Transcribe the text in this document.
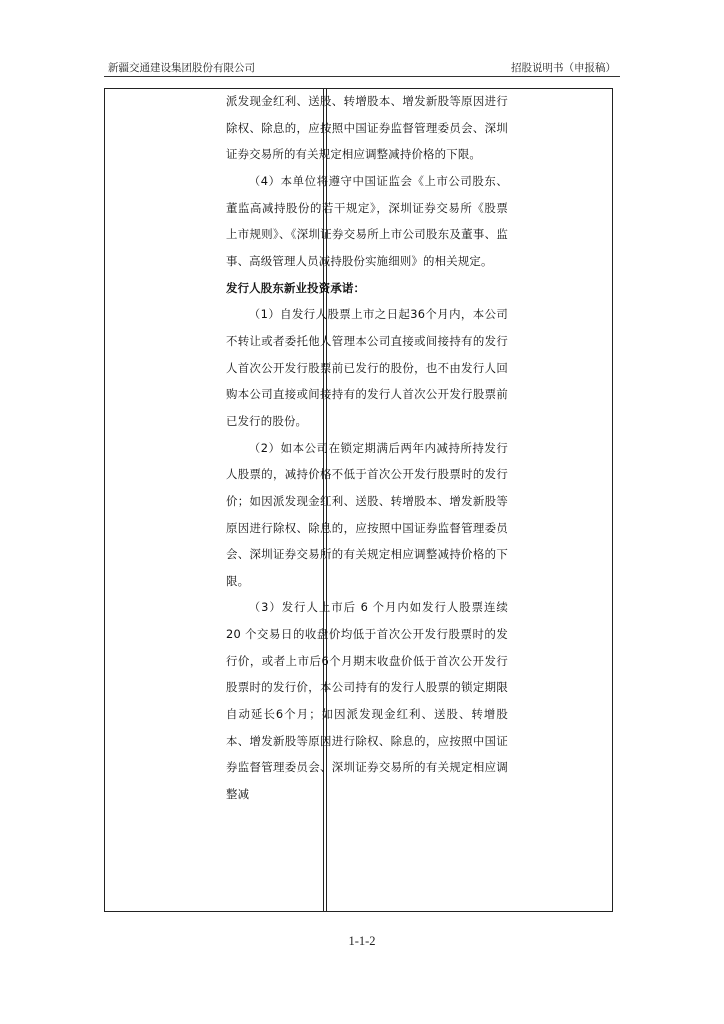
新疆交通建设集团股份有限公司	招股说明书（申报稿）

派发现金红利、送股、转增股本、增发新股等原因进行除权、除息的，应按照中国证券监督管理委员会、深圳证券交易所的有关规定相应调整减持价格的下限。

（4）本单位将遵守中国证监会《上市公司股东、董监高减持股份的若干规定》，深圳证券交易所《股票上市规则》、《深圳证券交易所上市公司股东及董事、监事、高级管理人员减持股份实施细则》的相关规定。

发行人股东新业投资承诺：

（1）自发行人股票上市之日起36个月内，本公司不转让或者委托他人管理本公司直接或间接持有的发行人首次公开发行股票前已发行的股份，也不由发行人回购本公司直接或间接持有的发行人首次公开发行股票前已发行的股份。

（2）如本公司在锁定期满后两年内减持所持发行人股票的，减持价格不低于首次公开发行股票时的发行价；如因派发现金红利、送股、转增股本、增发新股等原因进行除权、除息的，应按照中国证券监督管理委员会、深圳证券交易所的有关规定相应调整减持价格的下限。

（3）发行人上市后 6 个月内如发行人股票连续 20 个交易日的收盘价均低于首次公开发行股票时的发行价，或者上市后6个月期末收盘价低于首次公开发行股票时的发行价，本公司持有的发行人股票的锁定期限自动延长6个月；如因派发现金红利、送股、转增股本、增发新股等原因进行除权、除息的，应按照中国证券监督管理委员会、深圳证券交易所的有关规定相应调整减

1-1-2
